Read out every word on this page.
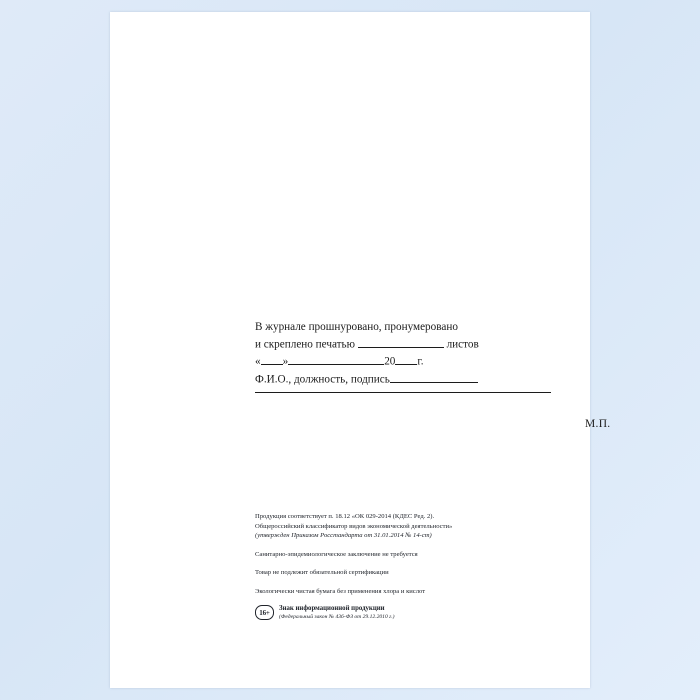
В журнале прошнуровано, пронумеровано
и скреплено печатью	листов
« »	20 г.
Ф.И.О., должность, подпись
М.П.
Продукция соответствует п. 18.12 «ОК 029-2014 (КДЕС Ред. 2).
Общероссийский классификатор видов экономической деятельности»
(утвержден Приказом Росстандарта от 31.01.2014 № 14-ст)
Санитарно-эпидемиологическое заключение не требуется
Товар не подлежит обязательной сертификации
Экологически чистая бумага без применения хлора и кислот
16+
Знак информационной продукции
(Федеральный закон № 436-ФЗ от 29.12.2010 г.)
